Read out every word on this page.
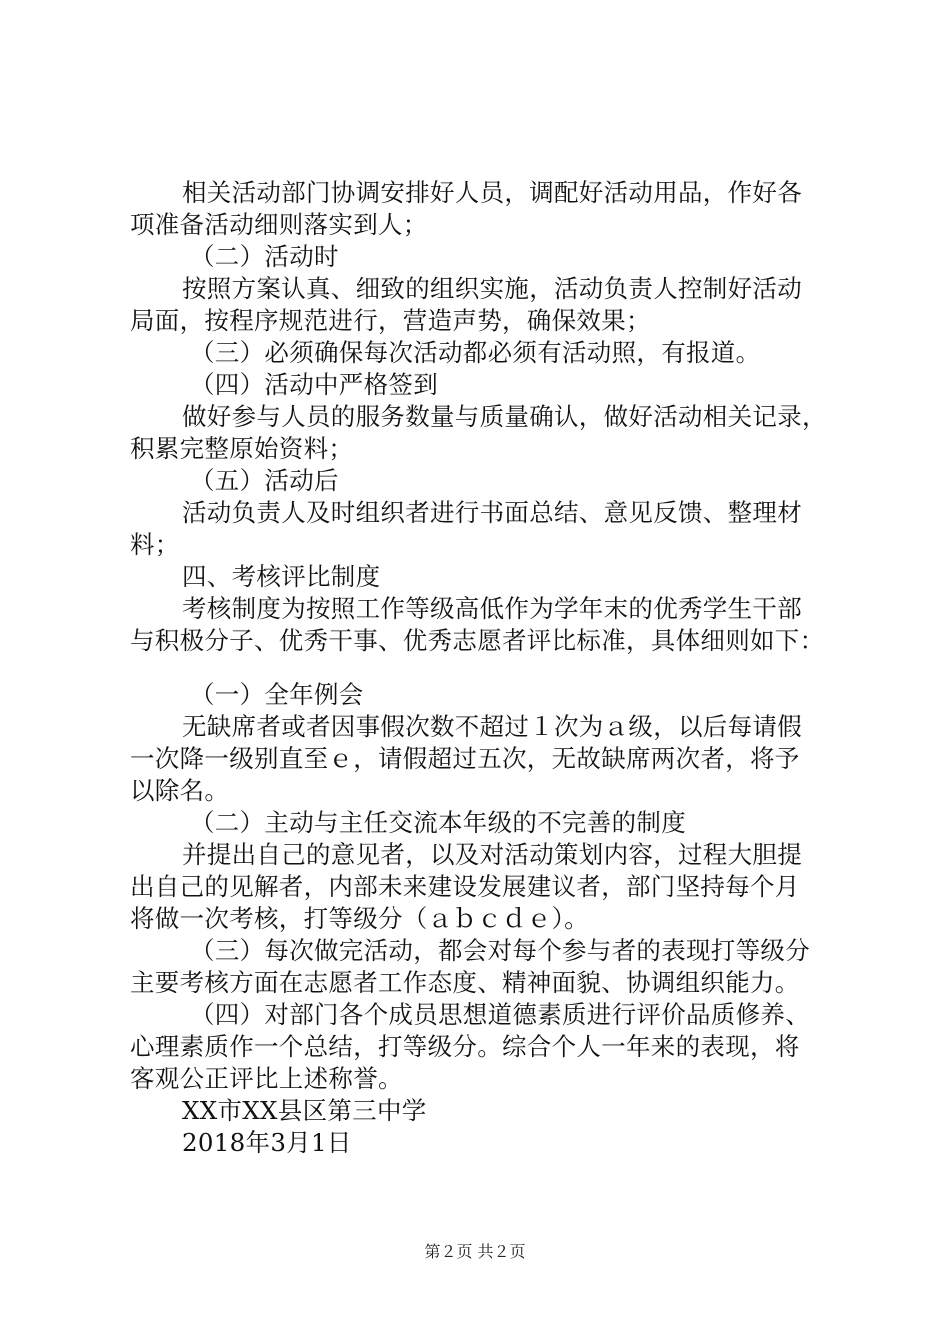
相关活动部门协调安排好人员，调配好活动用品，作好各
项准备活动细则落实到人；
（二）活动时
按照方案认真、细致的组织实施，活动负责人控制好活动
局面，按程序规范进行，营造声势，确保效果；
（三）必须确保每次活动都必须有活动照，有报道。
（四）活动中严格签到
做好参与人员的服务数量与质量确认，做好活动相关记录，
积累完整原始资料；
（五）活动后
活动负责人及时组织者进行书面总结、意见反馈、整理材
料；
四、考核评比制度
考核制度为按照工作等级高低作为学年末的优秀学生干部
与积极分子、优秀干事、优秀志愿者评比标准，具体细则如下：
（一）全年例会
无缺席者或者因事假次数不超过１次为ａ级，以后每请假
一次降一级别直至ｅ，请假超过五次，无故缺席两次者，将予
以除名。
（二）主动与主任交流本年级的不完善的制度
并提出自己的意见者，以及对活动策划内容，过程大胆提
出自己的见解者，内部未来建设发展建议者，部门坚持每个月
将做一次考核，打等级分（ａｂｃｄｅ）。
（三）每次做完活动，都会对每个参与者的表现打等级分
主要考核方面在志愿者工作态度、精神面貌、协调组织能力。
（四）对部门各个成员思想道德素质进行评价品质修养、
心理素质作一个总结，打等级分。综合个人一年来的表现，将
客观公正评比上述称誉。
XX市XX县区第三中学
2018年3月1日
第２页 共２页
